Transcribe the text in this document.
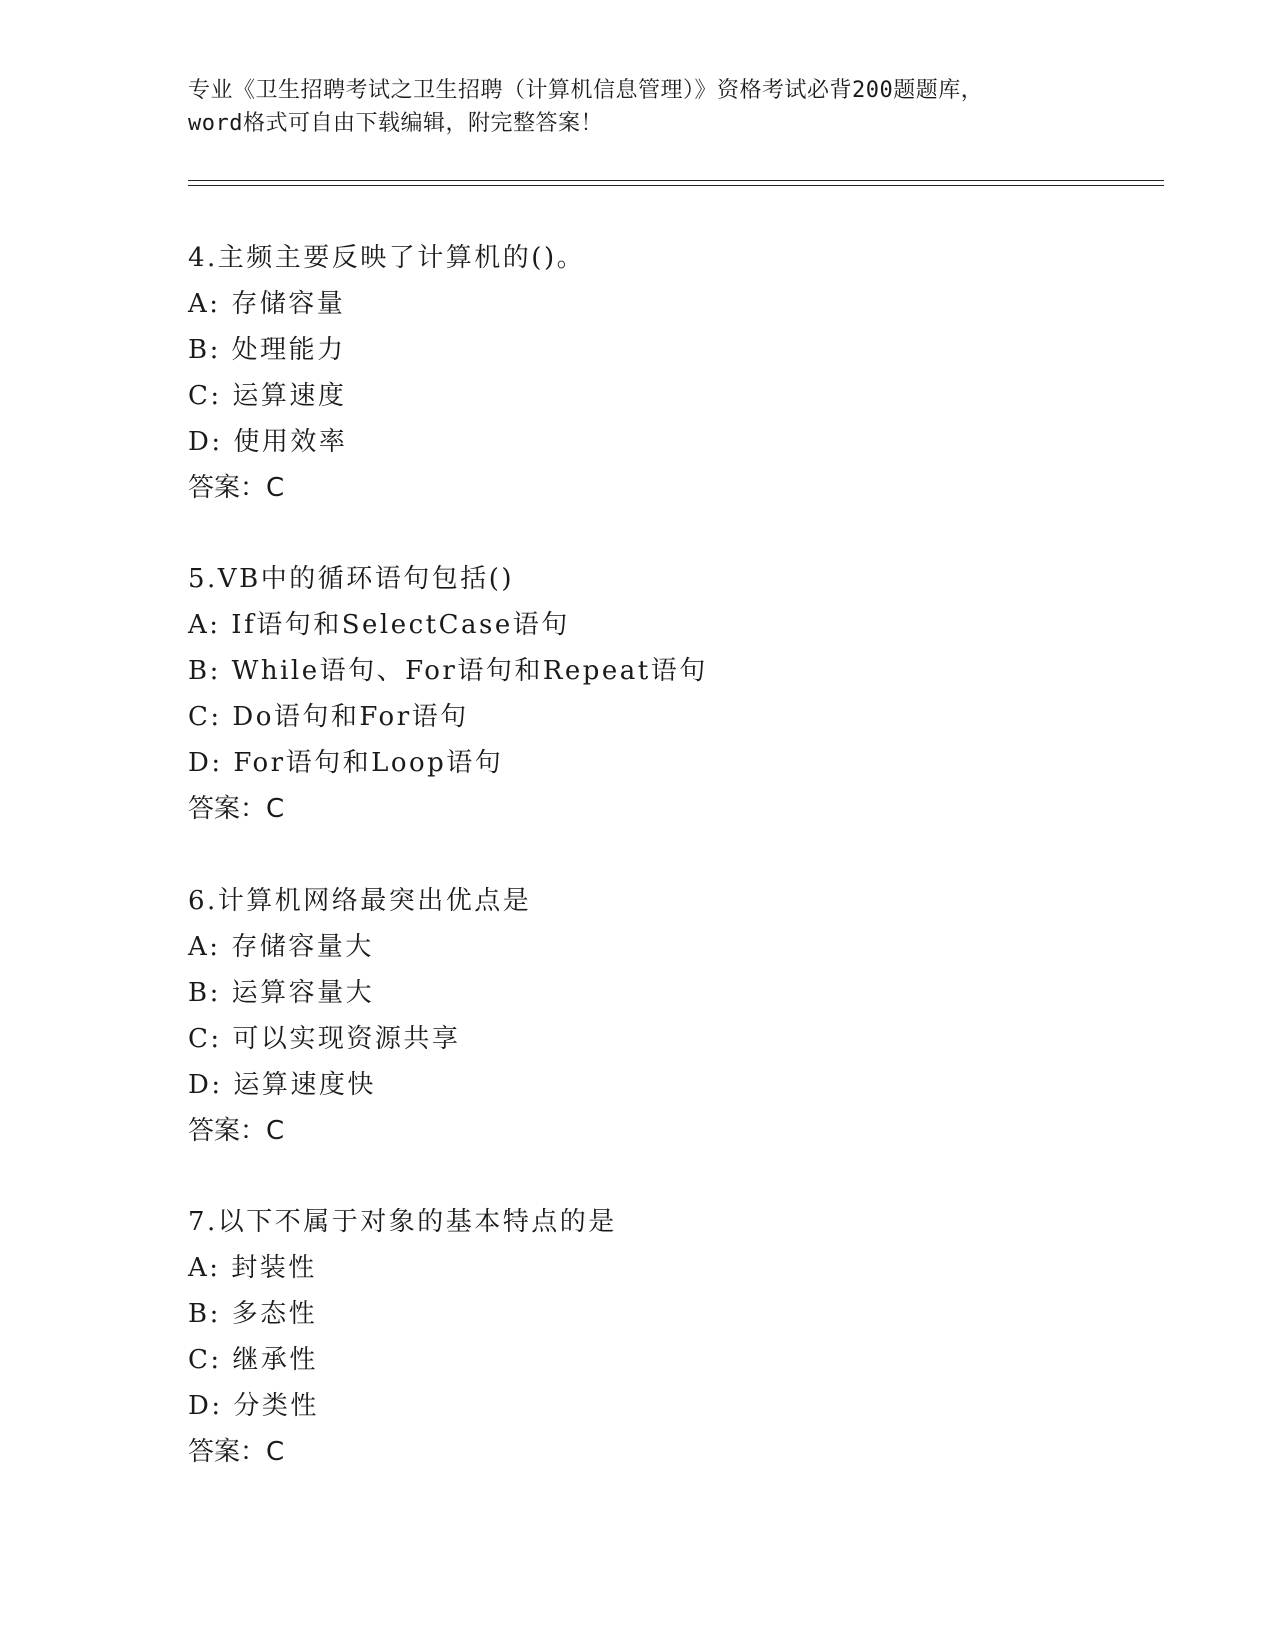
专业《卫生招聘考试之卫生招聘（计算机信息管理）》资格考试必背200题题库，
word格式可自由下载编辑，附完整答案！
4.主频主要反映了计算机的()。
A: 存储容量
B: 处理能力
C: 运算速度
D: 使用效率
答案：C
5.VB中的循环语句包括()
A: If语句和SelectCase语句
B: While语句、For语句和Repeat语句
C: Do语句和For语句
D: For语句和Loop语句
答案：C
6.计算机网络最突出优点是
A: 存储容量大
B: 运算容量大
C: 可以实现资源共享
D: 运算速度快
答案：C
7.以下不属于对象的基本特点的是
A: 封装性
B: 多态性
C: 继承性
D: 分类性
答案：C
